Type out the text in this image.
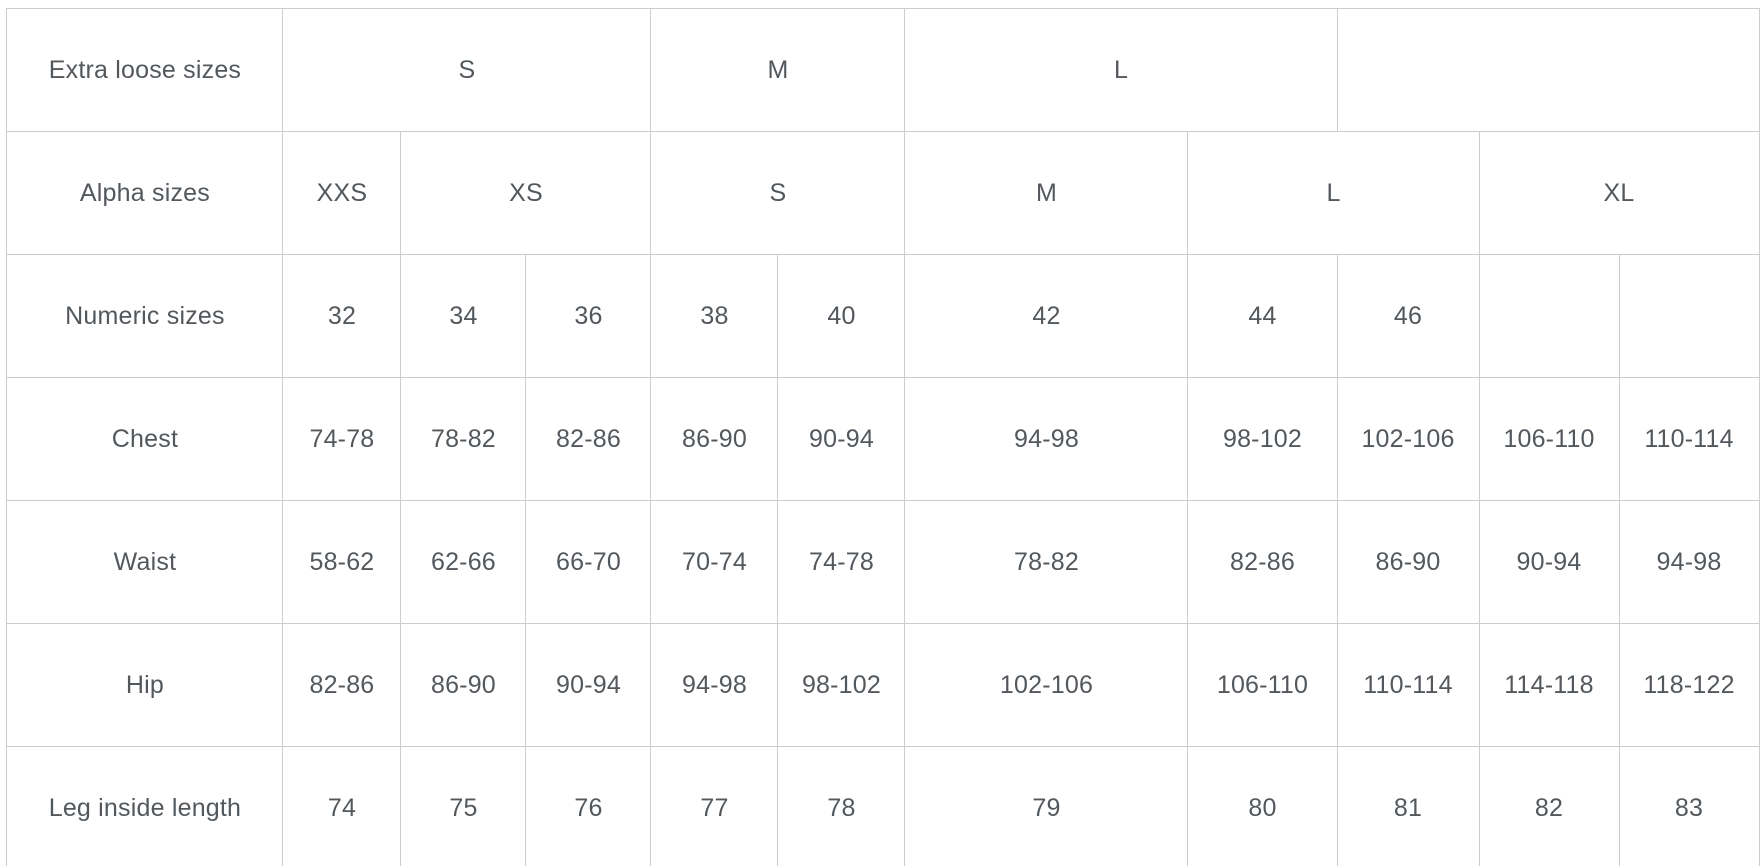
Extra loose sizes	S			M		L					
Alpha sizes	XXS	XS		S		M	L		XL		
Numeric sizes	32	34	36	38	40	42	44	46			
Chest	74-78	78-82	82-86	86-90	90-94	94-98	98-102	102-106	106-110	110-114	
Waist	58-62	62-66	66-70	70-74	74-78	78-82	82-86	86-90	90-94	94-98	
Hip	82-86	86-90	90-94	94-98	98-102	102-106	106-110	110-114	114-118	118-122	
Leg inside length	74	75	76	77	78	79	80	81	82	83	
